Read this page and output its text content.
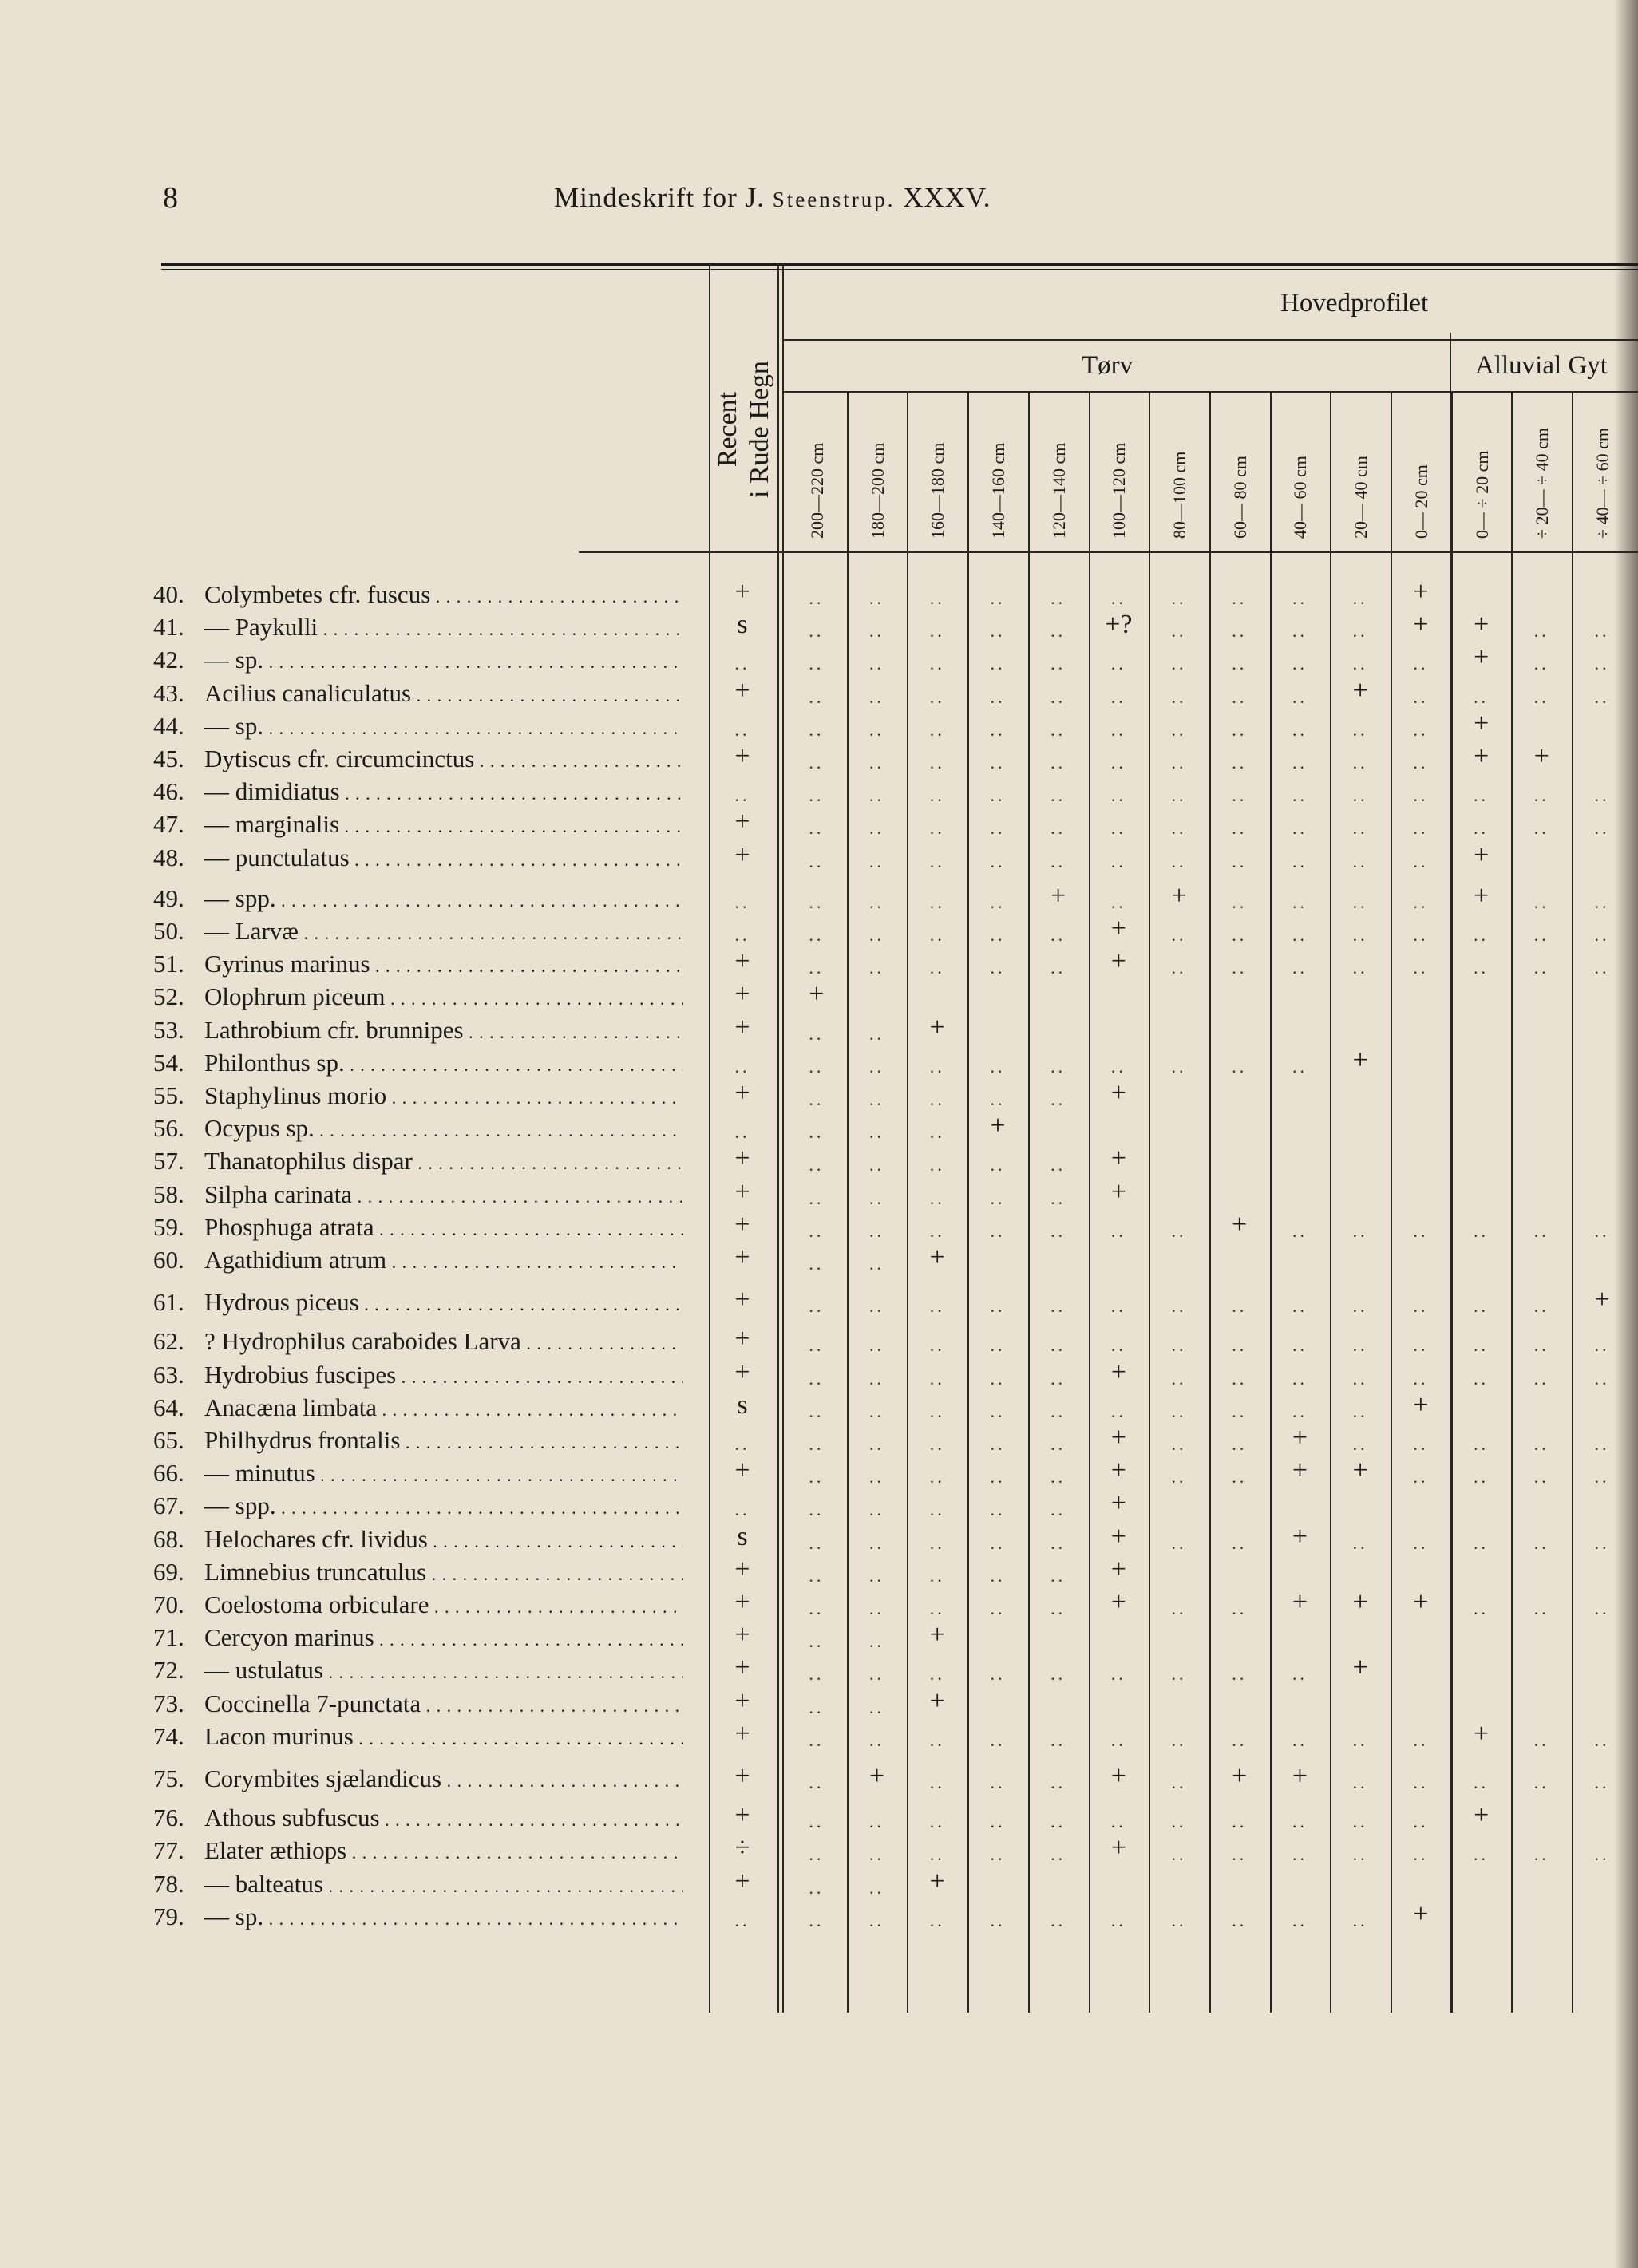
8	Mindeskrift for J. Steenstrup. XXXV.
Hovedprofilet
Tørv	Alluvial Gyt
Recent i Rude Hegn 200—220 cm 180—200 cm 160—180 cm 140—160 cm 120—140 cm 100—120 cm 80—100 cm 60— 80 cm 40— 60 cm 20— 40 cm 0— 20 cm 0— ÷ 20 cm ÷ 20— ÷ 40 cm ÷ 40— ÷ 60 cm
40. Colymbetes cfr. fuscus . . .	+	..	..	..	..	..	..	..	..	..	..	+
41. — Paykulli . . .	s	..	..	..	..	..	+?	..	..	..	..	+	+	..	..
42. — sp. . . .	..	..	..	..	..	..	..	..	..	..	..	..	+	..	..
43. Acilius canaliculatus . . .	+	..	..	..	..	..	..	..	..	..	+	..	..	..	..
44. — sp. . . .	..	..	..	..	..	..	..	..	..	..	..	..	+
45. Dytiscus cfr. circumcinctus . . .	+	..	..	..	..	..	..	..	..	..	..	..	+	+
46. — dimidiatus . . .	..	..	..	..	..	..	..	..	..	..	..	..	..	..	..
47. — marginalis . . .	+	..	..	..	..	..	..	..	..	..	..	..	..	..	..
48. — punctulatus . . .	+	..	..	..	..	..	..	..	..	..	..	..	+
49. — spp. . . .	..	..	..	..	..	+	..	+	..	..	..	..	+	..	..
50. — Larvæ . . .	..	..	..	..	..	..	+	..	..	..	..	..	..	..	..
51. Gyrinus marinus . . .	+	..	..	..	..	..	+	..	..	..	..	..	..	..	..
52. Olophrum piceum . . .	+	+
53. Lathrobium cfr. brunnipes . . .	+	..	..	+
54. Philonthus sp. . . .	..	..	..	..	..	..	..	..	..	..	+
55. Staphylinus morio . . .	+	..	..	..	..	..	+
56. Ocypus sp. . . .	..	..	..	..	+
57. Thanatophilus dispar . . .	+	..	..	..	..	..	+
58. Silpha carinata . . .	+	..	..	..	..	..	+
59. Phosphuga atrata . . .	+	..	..	..	..	..	..	..	+	..	..	..	..	..	..
60. Agathidium atrum . . .	+	..	..	+
61. Hydrous piceus . . .	+	..	..	..	..	..	..	..	..	..	..	..	..	..	+
62. ? Hydrophilus caraboides Larva . . .	+	..	..	..	..	..	..	..	..	..	..	..	..	..	..
63. Hydrobius fuscipes . . .	+	..	..	..	..	..	+	..	..	..	..	..	..	..	..
64. Anacæna limbata . . .	s	..	..	..	..	..	..	..	..	..	..	+
65. Philhydrus frontalis . . .	..	..	..	..	..	..	+	..	..	+	..	..	..	..	..
66. — minutus . . .	+	..	..	..	..	..	+	..	..	+	+	..	..	..	..
67. — spp. . . .	..	..	..	..	..	..	+
68. Helochares cfr. lividus . . .	s	..	..	..	..	..	+	..	..	+	..	..	..	..	..
69. Limnebius truncatulus . . .	+	..	..	..	..	..	+
70. Coelostoma orbiculare . . .	+	..	..	..	..	..	+	..	..	+	+	+	..	..	..
71. Cercyon marinus . . .	+	..	..	+
72. — ustulatus . . .	+	..	..	..	..	..	..	..	..	..	+
73. Coccinella 7-punctata . . .	+	..	..	+
74. Lacon murinus . . .	+	..	..	..	..	..	..	..	..	..	..	..	+	..	..
75. Corymbites sjælandicus . . .	+	..	+	..	..	..	+	..	+	+	..	..	..	..	..
76. Athous subfuscus . . .	+	..	..	..	..	..	..	..	..	..	..	..	+
77. Elater æthiops . . .	÷	..	..	..	..	..	+	..	..	..	..	..	..	..	..
78. — balteatus . . .	+	..	..	+
79. — sp. . . .	..	..	..	..	..	..	..	..	..	..	..	+
